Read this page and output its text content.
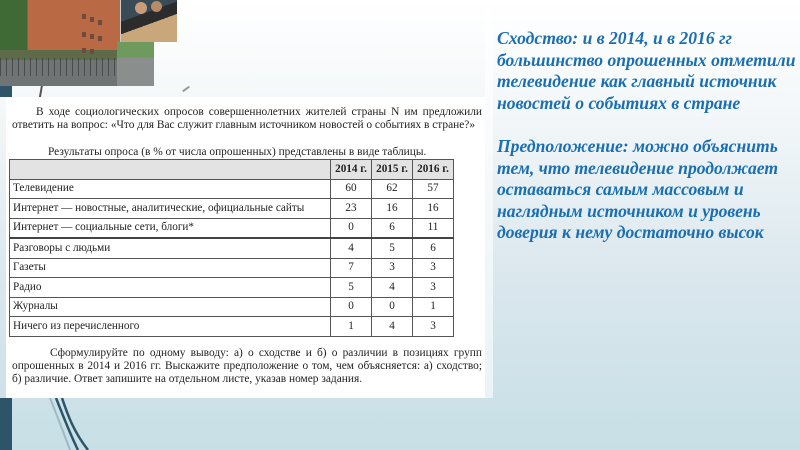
В ходе социологических опросов совершеннолетних жителей страны N им предложили ответить на вопрос: «Что для Вас служит главным источником новостей о событиях в стране?»

Результаты опроса (в % от числа опрошенных) представлены в виде таблицы.

	2014 г.	2015 г.	2016 г.
Телевидение	60	62	57
Интернет — новостные, аналитические, официальные сайты	23	16	16
Интернет — социальные сети, блоги*	0	6	11
Разговоры с людьми	4	5	6
Газеты	7	3	3
Радио	5	4	3
Журналы	0	0	1
Ничего из перечисленного	1	4	3

Сформулируйте по одному выводу: а) о сходстве и б) о различии в позициях групп опрошенных в 2014 и 2016 гг. Выскажите предположение о том, чем объясняется: а) сходство; б) различие. Ответ запишите на отдельном листе, указав номер задания.

Сходство: и в 2014, и в 2016 гг большинство опрошенных отметили телевидение как главный источник новостей о событиях в стране

Предположение: можно объяснить тем, что телевидение продолжает оставаться самым массовым и наглядным источником и уровень доверия к нему достаточно высок
